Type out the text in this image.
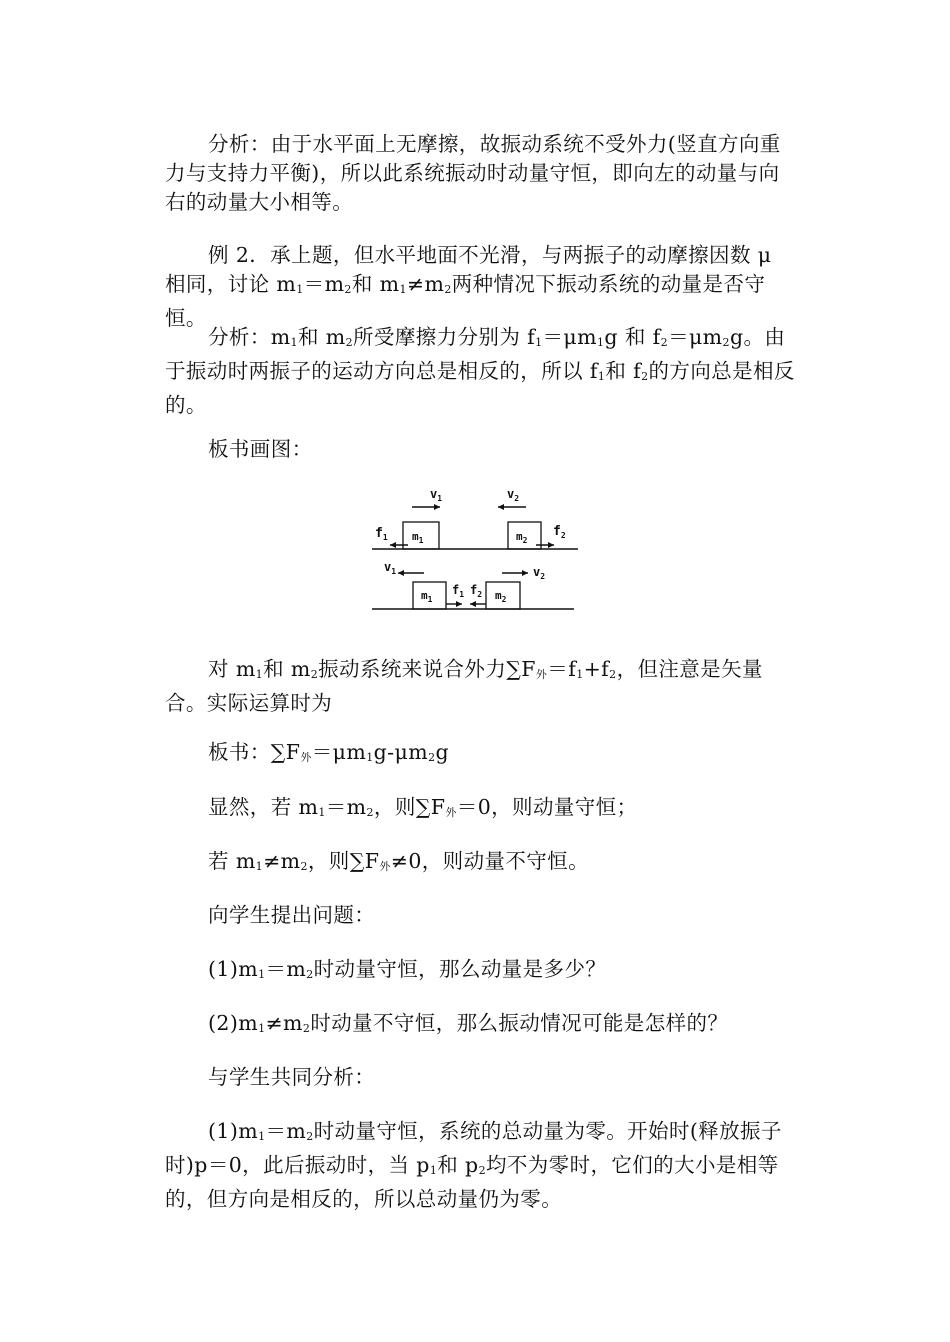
分析：由于水平面上无摩擦，故振动系统不受外力(竖直方向重力与支持力平衡)，所以此系统振动时动量守恒，即向左的动量与向右的动量大小相等。

例 2．承上题，但水平地面不光滑，与两振子的动摩擦因数 μ 相同，讨论 $m_1=m_2$和 $m_1\ne m_2$两种情况下振动系统的动量是否守恒。

分析：$m_1$和 $m_2$所受摩擦力分别为 $f_1=\mu m_1g$ 和 $f_2=\mu m_2g$。由于振动时两振子的运动方向总是相反的，所以 $f_1$和 $f_2$的方向总是相反的。

板书画图：

$v_1$	$v_2$
$m_1$	$m_2$
$f_1$	$f_2$
$v_1$	$v_2$
$m_1$	$m_2$
$f_1$ $f_2$

对 $m_1$和 $m_2$振动系统来说合外力$\sum F_外=f_1+f_2$，但注意是矢量合。实际运算时为

板书：$\sum F_外=\mu m_1g-\mu m_2g$

显然，若 $m_1=m_2$，则$\sum F_外=0$，则动量守恒；

若 $m_1\ne m_2$，则$\sum F_外\ne 0$，则动量不守恒。

向学生提出问题：

$(1)m_1=m_2$时动量守恒，那么动量是多少？

$(2)m_1\ne m_2$时动量不守恒，那么振动情况可能是怎样的？

与学生共同分析：

$(1)m_1=m_2$时动量守恒，系统的总动量为零。开始时(释放振子时)p＝0，此后振动时，当 $p_1$和 $p_2$均不为零时，它们的大小是相等的，但方向是相反的，所以总动量仍为零。
